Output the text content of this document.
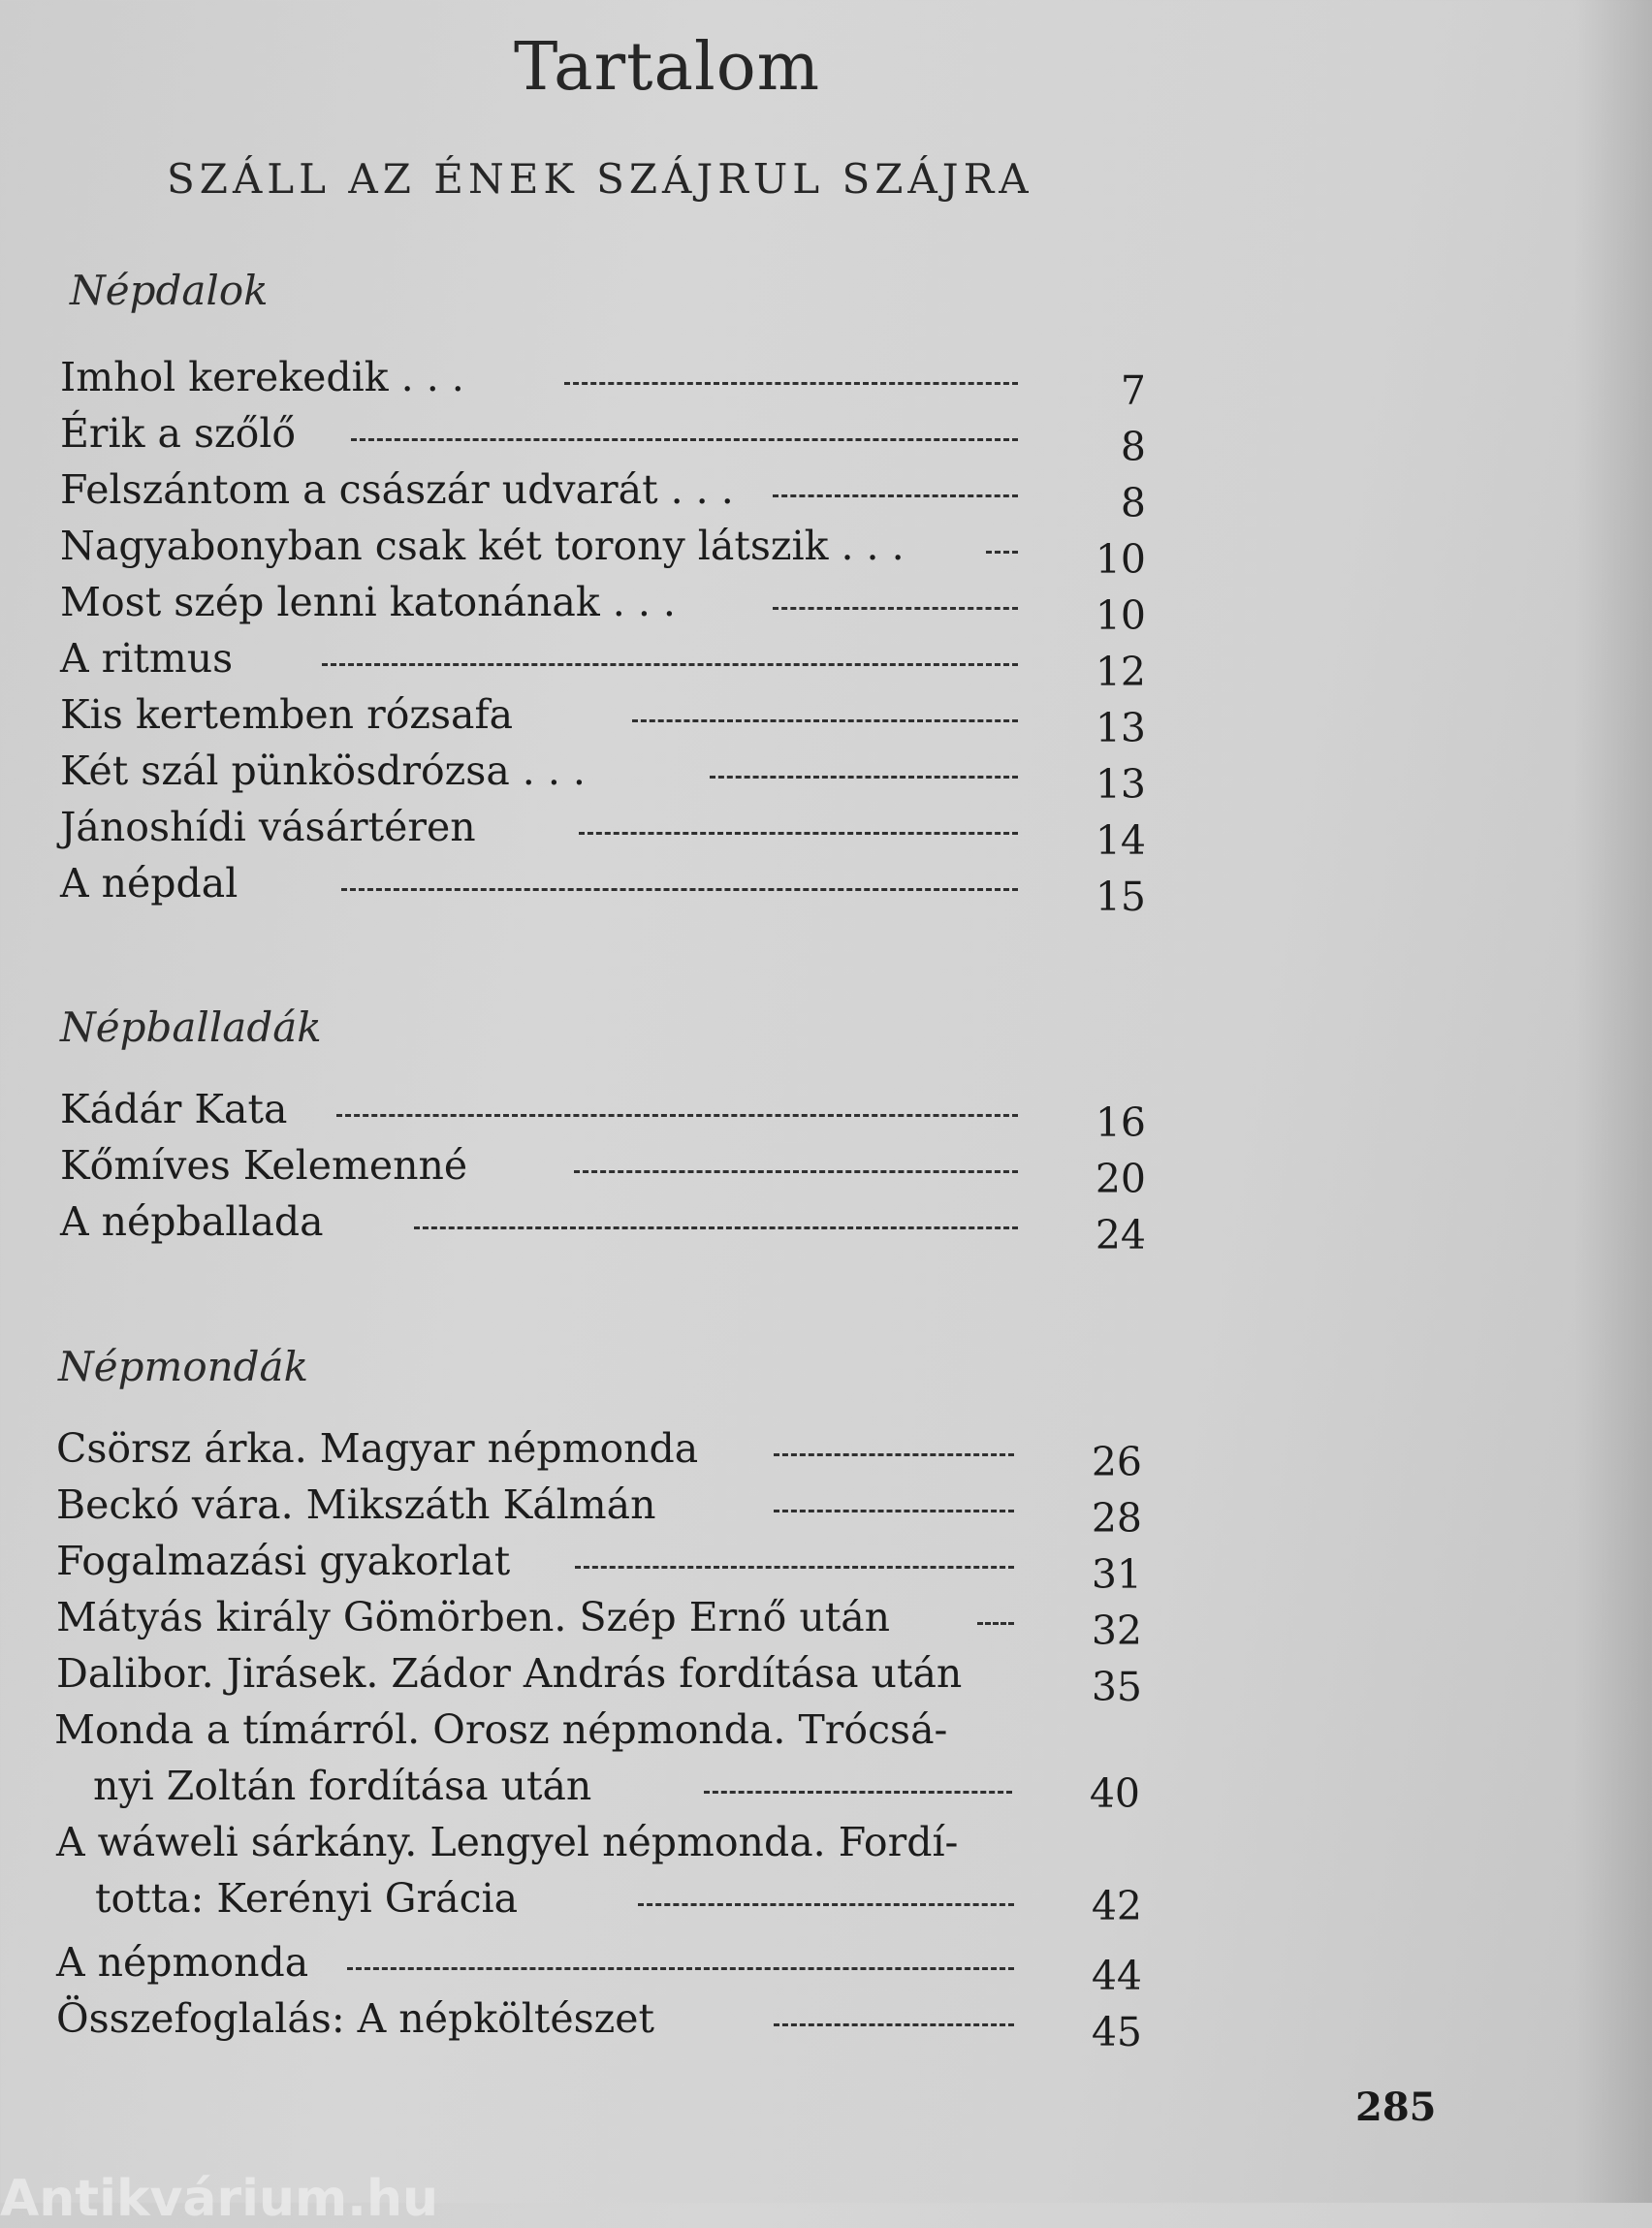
Tartalom
SZÁLL AZ ÉNEK SZÁJRUL SZÁJRA
Népdalok
Imhol kerekedik . . .	7
Érik a szőlő	8
Felszántom a császár udvarát . . .	8
Nagyabonyban csak két torony látszik . . .	10
Most szép lenni katonának . . .	10
A ritmus	12
Kis kertemben rózsafa	13
Két szál pünkösdrózsa . . .	13
Jánoshídi vásártéren	14
A népdal	15
Népballadák
Kádár Kata	16
Kőmíves Kelemenné	20
A népballada	24
Népmondák
Csörsz árka. Magyar népmonda	26
Beckó vára. Mikszáth Kálmán	28
Fogalmazási gyakorlat	31
Mátyás király Gömörben. Szép Ernő után	32
Dalibor. Jirásek. Zádor András fordítása után	35
Monda a tímárról. Orosz népmonda. Trócsá-
nyi Zoltán fordítása után	40
A wáweli sárkány. Lengyel népmonda. Fordí-
totta: Kerényi Grácia	42
A népmonda	44
Összefoglalás: A népköltészet	45
285
Antikvárium.hu
